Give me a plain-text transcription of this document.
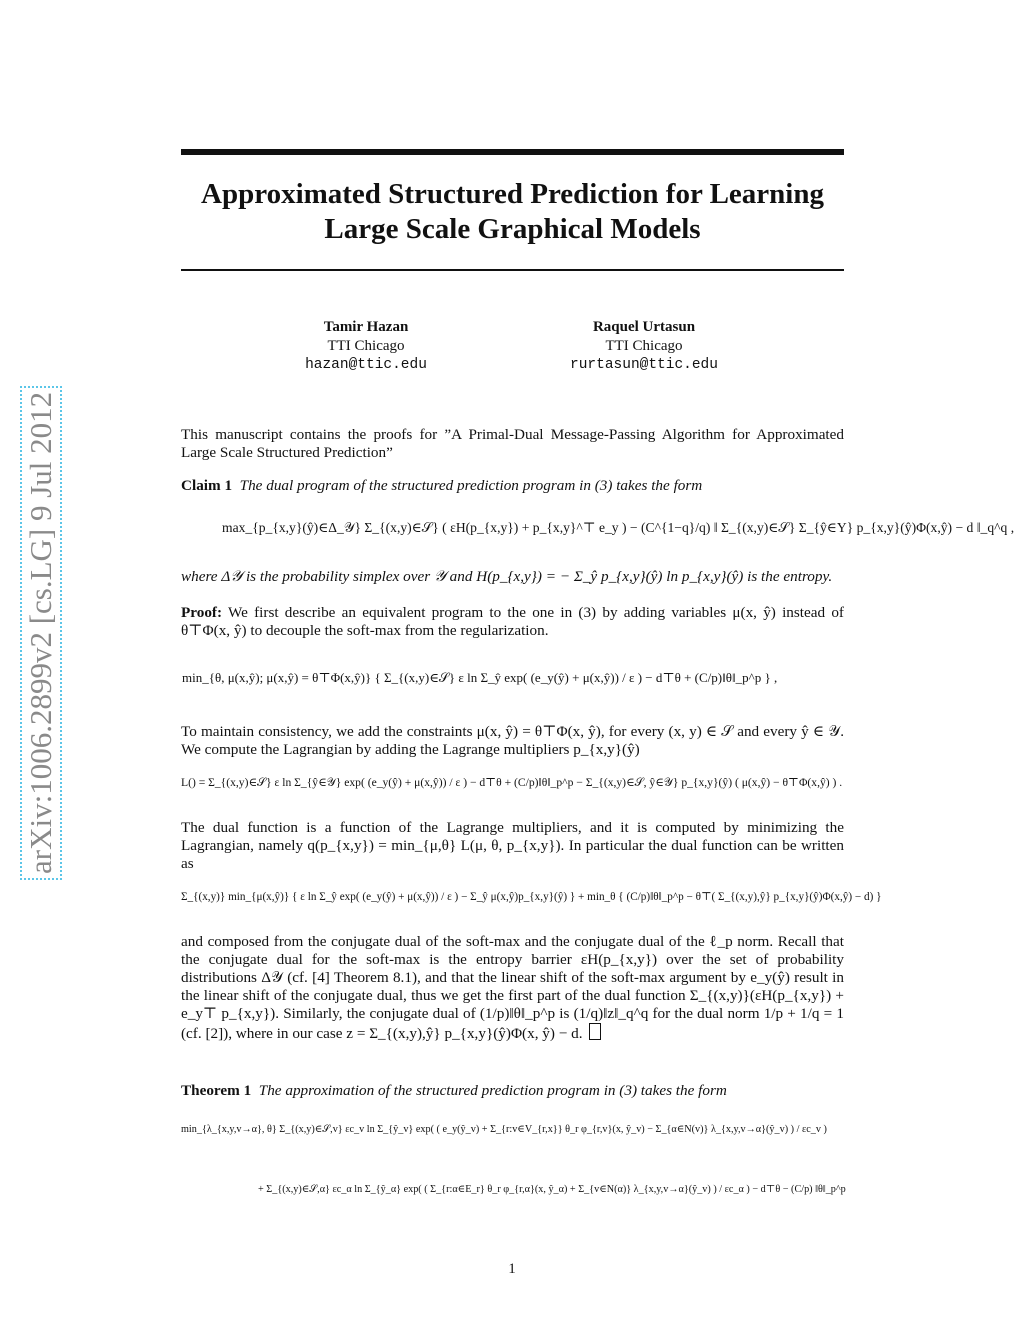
arXiv:1006.2899v2 [cs.LG] 9 Jul 2012
Approximated Structured Prediction for Learning Large Scale Graphical Models
Tamir Hazan
TTI Chicago
hazan@ttic.edu
Raquel Urtasun
TTI Chicago
rurtasun@ttic.edu
This manuscript contains the proofs for ”A Primal-Dual Message-Passing Algorithm for Approximated Large Scale Structured Prediction”
Claim 1 The dual program of the structured prediction program in (3) takes the form
max_{p_{x,y}(ŷ)∈Δ_𝒴} Σ_{(x,y)∈𝒮} ( εH(p_{x,y}) + p_{x,y}^⊤ e_y ) − (C^{1−q}/q) ‖ Σ_{(x,y)∈𝒮} Σ_{ŷ∈Y} p_{x,y}(ŷ)Φ(x,ŷ) − d ‖_q^q ,
where Δ𝒴 is the probability simplex over 𝒴 and H(p_{x,y}) = − Σ_ŷ p_{x,y}(ŷ) ln p_{x,y}(ŷ) is the entropy.
Proof: We first describe an equivalent program to the one in (3) by adding variables μ(x, ŷ) instead of θ⊤Φ(x, ŷ) to decouple the soft-max from the regularization.
min_{θ, μ(x,ŷ); μ(x,ŷ) = θ⊤Φ(x,ŷ)} { Σ_{(x,y)∈𝒮} ε ln Σ_ŷ exp( (e_y(ŷ) + μ(x,ŷ)) / ε ) − d⊤θ + (C/p)‖θ‖_p^p } ,
To maintain consistency, we add the constraints μ(x, ŷ) = θ⊤Φ(x, ŷ), for every (x, y) ∈ 𝒮 and every ŷ ∈ 𝒴. We compute the Lagrangian by adding the Lagrange multipliers p_{x,y}(ŷ)
L() = Σ_{(x,y)∈𝒮} ε ln Σ_{ŷ∈𝒴} exp( (e_y(ŷ) + μ(x,ŷ)) / ε ) − d⊤θ + (C/p)‖θ‖_p^p − Σ_{(x,y)∈𝒮, ŷ∈𝒴} p_{x,y}(ŷ) ( μ(x,ŷ) − θ⊤Φ(x,ŷ) ) .
The dual function is a function of the Lagrange multipliers, and it is computed by minimizing the Lagrangian, namely q(p_{x,y}) = min_{μ,θ} L(μ, θ, p_{x,y}). In particular the dual function can be written as
Σ_{(x,y)} min_{μ(x,ŷ)} { ε ln Σ_ŷ exp( (e_y(ŷ) + μ(x,ŷ)) / ε ) − Σ_ŷ μ(x,ŷ)p_{x,y}(ŷ) } + min_θ { (C/p)‖θ‖_p^p − θ⊤( Σ_{(x,y),ŷ} p_{x,y}(ŷ)Φ(x,ŷ) − d) }
and composed from the conjugate dual of the soft-max and the conjugate dual of the ℓ_p norm. Recall that the conjugate dual for the soft-max is the entropy barrier εH(p_{x,y}) over the set of probability distributions Δ𝒴 (cf. [4] Theorem 8.1), and that the linear shift of the soft-max argument by e_y(ŷ) result in the linear shift of the conjugate dual, thus we get the first part of the dual function Σ_{(x,y)}(εH(p_{x,y}) + e_y⊤ p_{x,y}). Similarly, the conjugate dual of (1/p)‖θ‖_p^p is (1/q)‖z‖_q^q for the dual norm 1/p + 1/q = 1 (cf. [2]), where in our case z = Σ_{(x,y),ŷ} p_{x,y}(ŷ)Φ(x, ŷ) − d.
Theorem 1 The approximation of the structured prediction program in (3) takes the form
min_{λ_{x,y,v→α}, θ} Σ_{(x,y)∈𝒮,v} εc_v ln Σ_{ŷ_v} exp( ( e_y(ŷ_v) + Σ_{r:v∈V_{r,x}} θ_r φ_{r,v}(x, ŷ_v) − Σ_{α∈N(v)} λ_{x,y,v→α}(ŷ_v) ) / εc_v )
+ Σ_{(x,y)∈𝒮,α} εc_α ln Σ_{ŷ_α} exp( ( Σ_{r:α∈E_r} θ_r φ_{r,α}(x, ŷ_α) + Σ_{v∈N(α)} λ_{x,y,v→α}(ŷ_v) ) / εc_α ) − d⊤θ − (C/p) ‖θ‖_p^p
1
